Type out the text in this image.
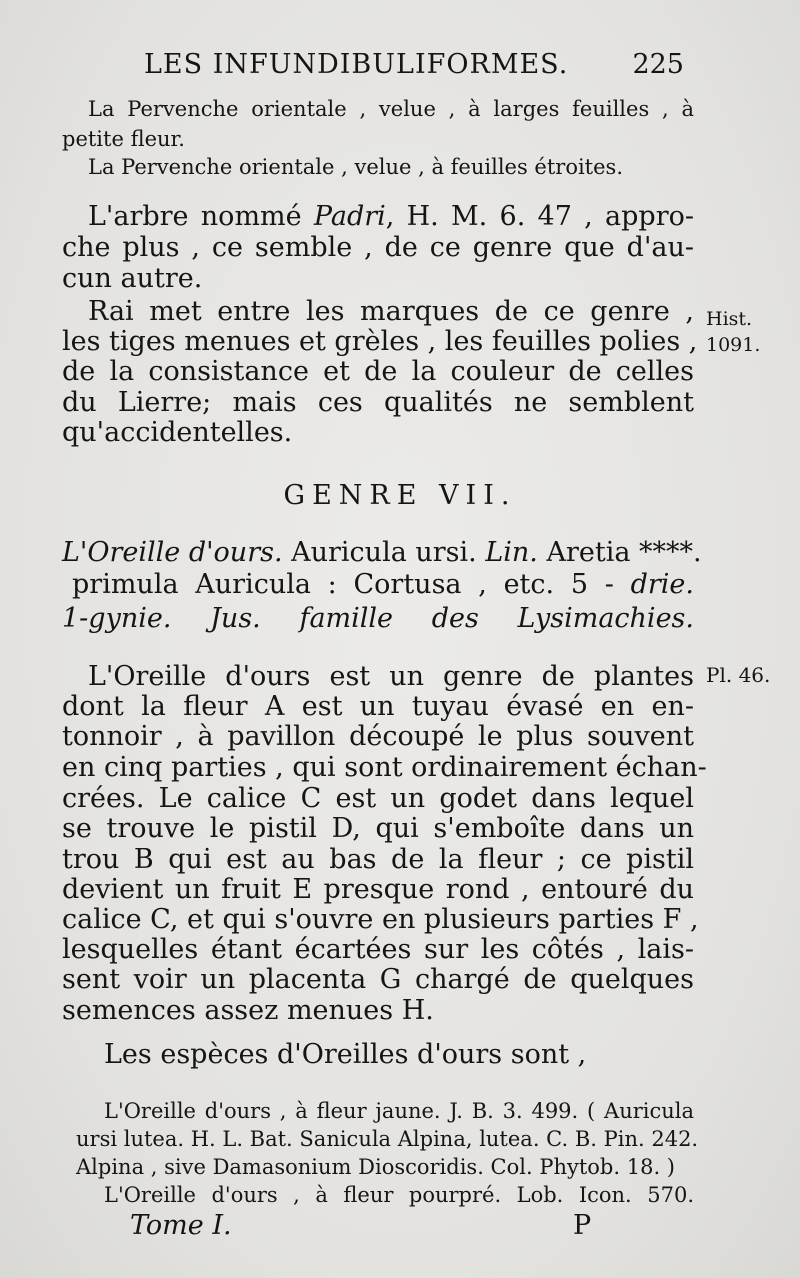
LES INFUNDIBULIFORMES. 225
La Pervenche orientale , velue , à larges feuilles , à
petite fleur.
La Pervenche orientale , velue , à feuilles étroites.
L'arbre nommé Padri, H. M. 6. 47 , appro-
che plus , ce semble , de ce genre que d'au-
cun autre.
Rai met entre les marques de ce genre ,
les tiges menues et grèles , les feuilles polies ,
de la consistance et de la couleur de celles
du Lierre; mais ces qualités ne semblent
qu'accidentelles.
Hist.
1091.
GENRE VII.
L'Oreille d'ours. Auricula ursi. Lin. Aretia ****.
primula Auricula : Cortusa , etc. 5 - drie.
1-gynie. Jus. famille des Lysimachies.
Pl. 46.
L'Oreille d'ours est un genre de plantes
dont la fleur A est un tuyau évasé en en-
tonnoir , à pavillon découpé le plus souvent
en cinq parties , qui sont ordinairement échan-
crées. Le calice C est un godet dans lequel
se trouve le pistil D, qui s'emboîte dans un
trou B qui est au bas de la fleur ; ce pistil
devient un fruit E presque rond , entouré du
calice C, et qui s'ouvre en plusieurs parties F ,
lesquelles étant écartées sur les côtés , lais-
sent voir un placenta G chargé de quelques
semences assez menues H.
Les espèces d'Oreilles d'ours sont ,
L'Oreille d'ours , à fleur jaune. J. B. 3. 499. ( Auricula
ursi lutea. H. L. Bat. Sanicula Alpina, lutea. C. B. Pin. 242.
Alpina , sive Damasonium Dioscoridis. Col. Phytob. 18. )
L'Oreille d'ours , à fleur pourpré. Lob. Icon. 570.
Tome I.	P
